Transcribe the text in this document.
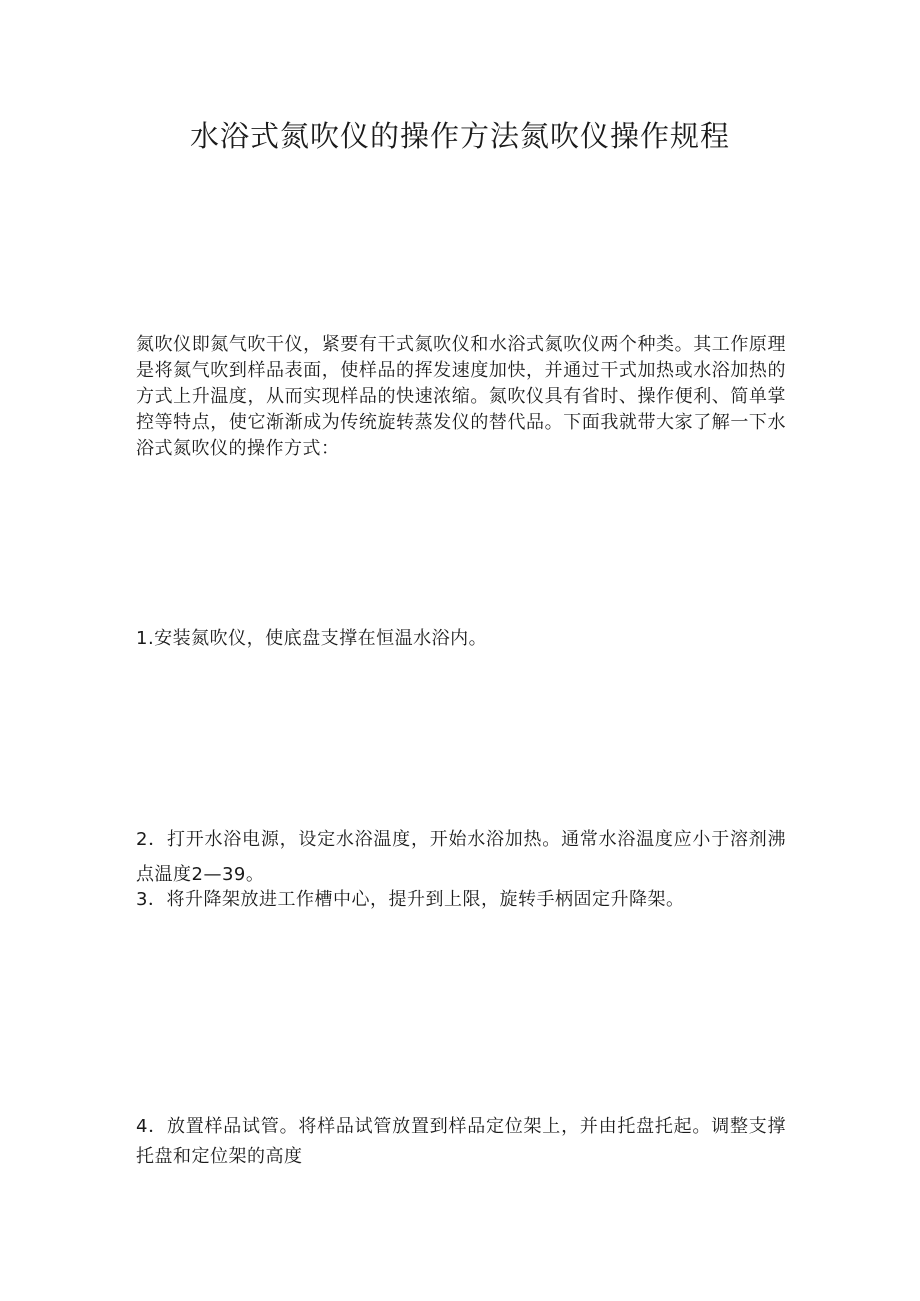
水浴式氮吹仪的操作方法氮吹仪操作规程

氮吹仪即氮气吹干仪，紧要有干式氮吹仪和水浴式氮吹仪两个种类。其工作原理是将氮气吹到样品表面，使样品的挥发速度加快，并通过干式加热或水浴加热的方式上升温度，从而实现样品的快速浓缩。氮吹仪具有省时、操作便利、简单掌控等特点，使它渐渐成为传统旋转蒸发仪的替代品。下面我就带大家了解一下水浴式氮吹仪的操作方式：

1.安装氮吹仪，使底盘支撑在恒温水浴内。

2．打开水浴电源，设定水浴温度，开始水浴加热。通常水浴温度应小于溶剂沸点温度2—39。

3．将升降架放进工作槽中心，提升到上限，旋转手柄固定升降架。

4．放置样品试管。将样品试管放置到样品定位架上，并由托盘托起。调整支撑托盘和定位架的高度
